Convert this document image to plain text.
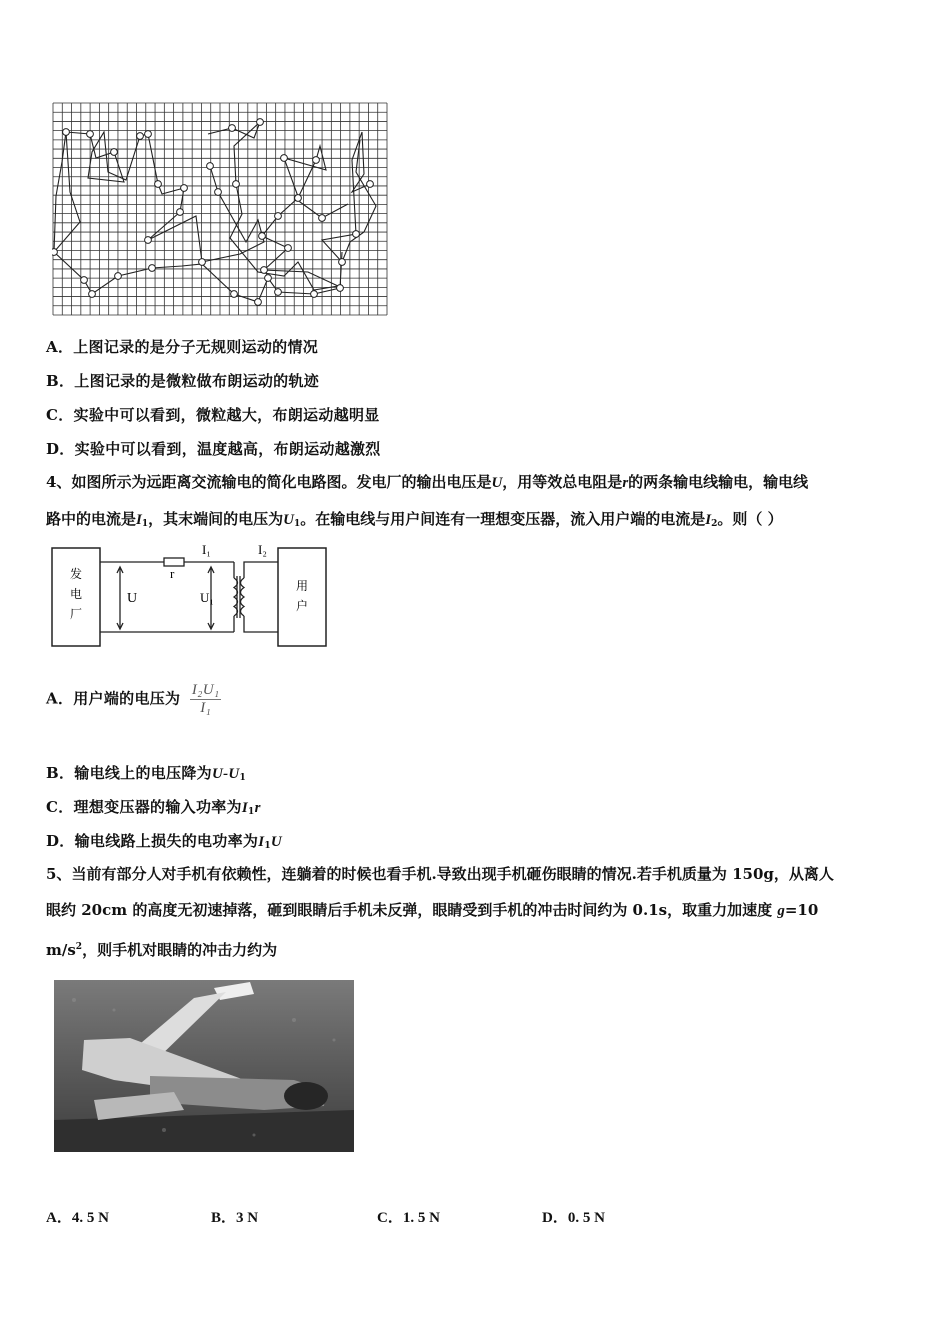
A．上图记录的是分子无规则运动的情况
B．上图记录的是微粒做布朗运动的轨迹
C．实验中可以看到，微粒越大，布朗运动越明显
D．实验中可以看到，温度越高，布朗运动越激烈
4、如图所示为远距离交流输电的简化电路图。发电厂的输出电压是U，用等效总电阻是r的两条输电线输电，输电线
路中的电流是$I_1$，其末端间的电压为$U_1$。在输电线与用户间连有一理想变压器，流入用户端的电流是$I_2$。则（ ）
发
电
厂
用
户
U	U₁
r
I₁	I₂
A．用户端的电压为 $\frac{\text{I₂U₁}}{\text{I₁}}$
B．输电线上的电压降为$U-U_1$
C．理想变压器的输入功率为$I_1r$
D．输电线路上损失的电功率为$I_1U$
5、当前有部分人对手机有依赖性，连躺着的时候也看手机.导致出现手机砸伤眼睛的情况.若手机质量为 150g，从离人
眼约 20cm 的高度无初速掉落，砸到眼睛后手机未反弹，眼睛受到手机的冲击时间约为 0.1s，取重力加速度 g=10
$m/s^2$，则手机对眼睛的冲击力约为
A．4. 5 N	B．3 N	C．1. 5 N	D．0. 5 N
